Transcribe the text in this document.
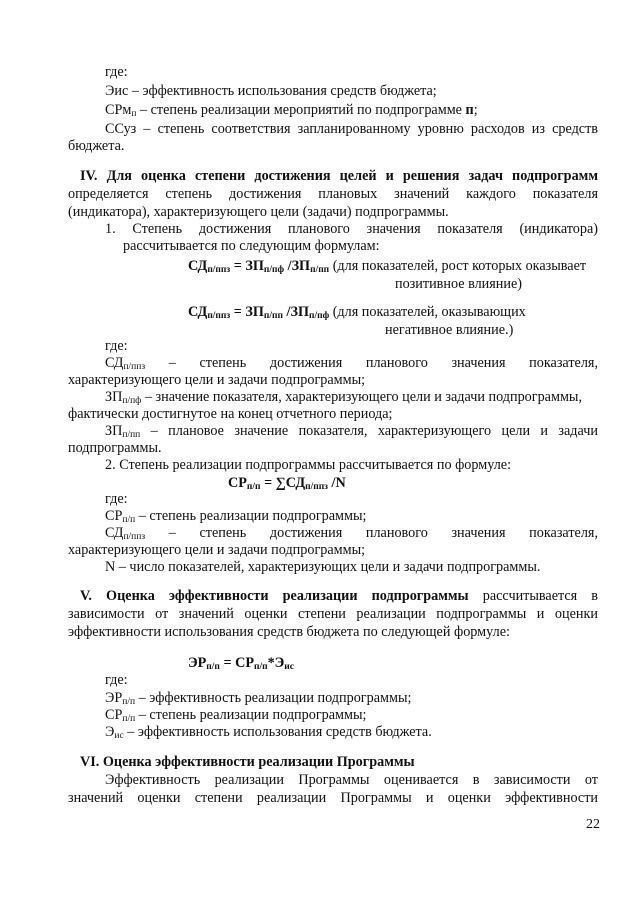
где:
Эис – эффективность использования средств бюджета;
СРмп – степень реализации мероприятий по подпрограмме п;
ССуз – степень соответствия запланированному уровню расходов из средств
бюджета.
IV. Для оценка степени достижения целей и решения задач подпрограмм
определяется степень достижения плановых значений каждого показателя
(индикатора), характеризующего цели (задачи) подпрограммы.
1. Степень достижения планового значения показателя (индикатора)
рассчитывается по следующим формулам:
СДп/ппз = ЗПп/пф /ЗПп/пп (для показателей, рост которых оказывает
позитивное влияние)
СДп/ппз = ЗПп/пп /ЗПп/пф (для показателей, оказывающих
негативное влияние.)
где:
СДп/ппз – степень достижения планового значения показателя,
характеризующего цели и задачи подпрограммы;
ЗПп/пф – значение показателя, характеризующего цели и задачи подпрограммы,
фактически достигнутое на конец отчетного периода;
ЗПп/пп – плановое значение показателя, характеризующего цели и задачи
подпрограммы.
2. Степень реализации подпрограммы рассчитывается по формуле:
СРп/п = ∑СДп/ппз /N
где:
СРп/п – степень реализации подпрограммы;
СДп/ппз – степень достижения планового значения показателя,
характеризующего цели и задачи подпрограммы;
N – число показателей, характеризующих цели и задачи подпрограммы.
V. Оценка эффективности реализации подпрограммы рассчитывается в
зависимости от значений оценки степени реализации подпрограммы и оценки
эффективности использования средств бюджета по следующей формуле:
ЭРп/п = СРп/п*Эис
где:
ЭРп/п – эффективность реализации подпрограммы;
СРп/п – степень реализации подпрограммы;
Эис – эффективность использования средств бюджета.
VI. Оценка эффективности реализации Программы
Эффективность реализации Программы оценивается в зависимости от
значений оценки степени реализации Программы и оценки эффективности
22
